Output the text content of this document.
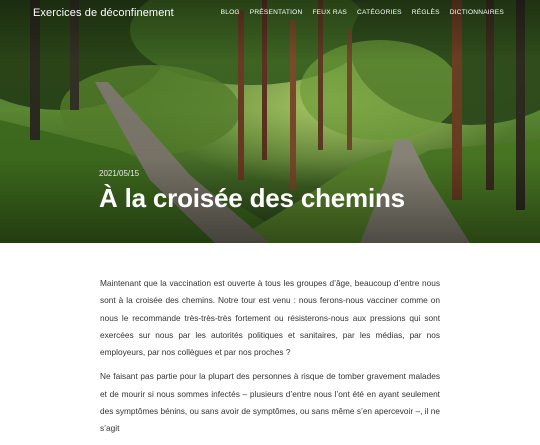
Exercices de déconfinement	BLOG PRÉSENTATION FEUX RAS CATÉGORIES RÉGLÈS DICTIONNAIRES
2021/05/15
À la croisée des chemins

Maintenant que la vaccination est ouverte à tous les groupes d’âge, beaucoup d’entre nous sont à la croisée des chemins. Notre tour est venu : nous ferons-nous vacciner comme on nous le recommande très-très-très fortement ou résisterons-nous aux pressions qui sont exercées sur nous par les autorités politiques et sanitaires, par les médias, par nos employeurs, par nos collègues et par nos proches ?

Ne faisant pas partie pour la plupart des personnes à risque de tomber gravement malades et de mourir si nous sommes infectés – plusieurs d’entre nous l’ont été en ayant seulement des symptômes bénins, ou sans avoir de symptômes, ou sans même s’en apercevoir –, il ne s’agit
